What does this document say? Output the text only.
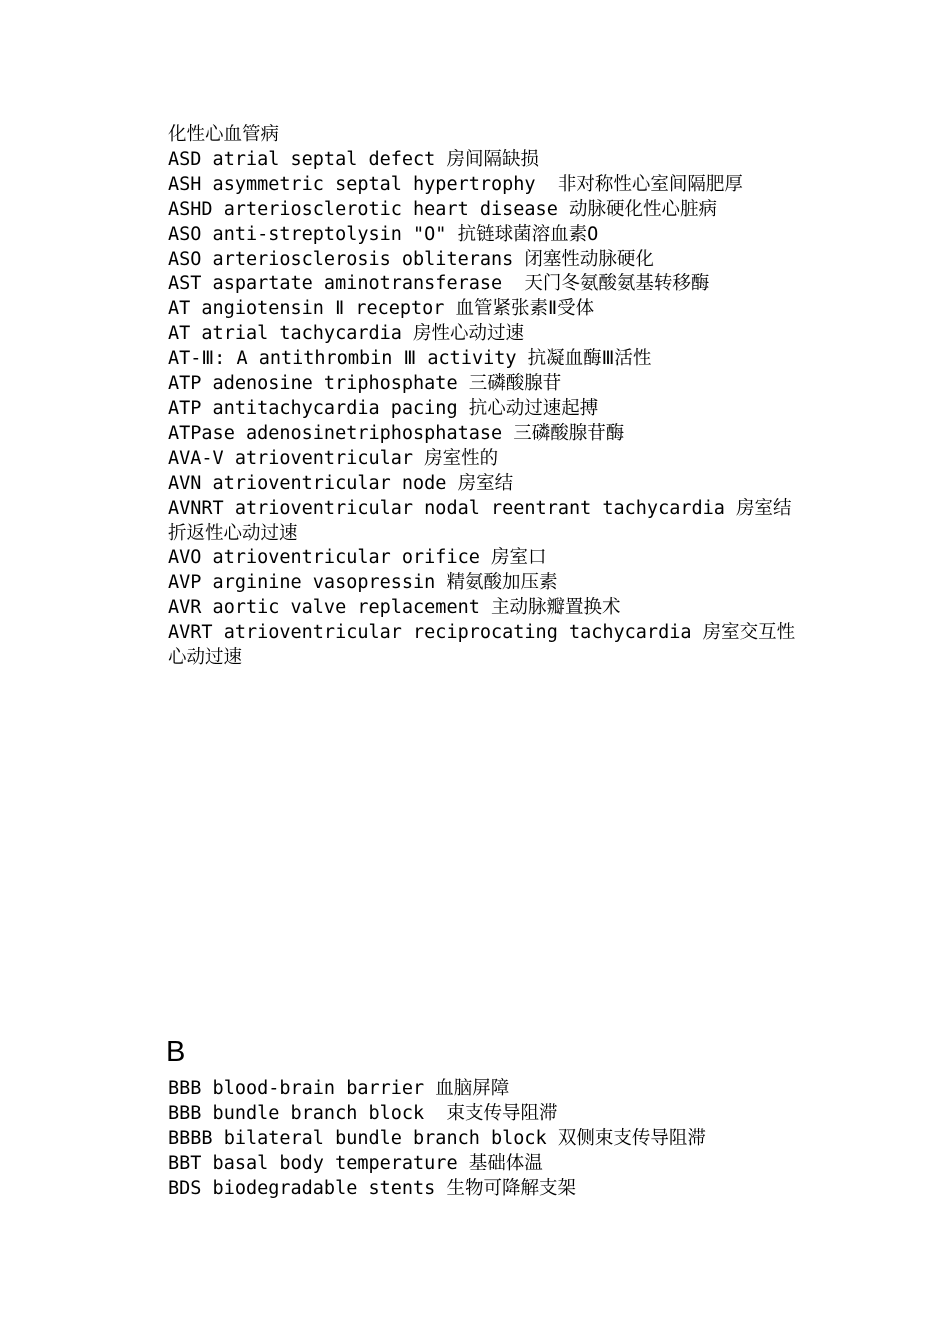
化性心血管病
ASD atrial septal defect 房间隔缺损
ASH asymmetric septal hypertrophy  非对称性心室间隔肥厚
ASHD arteriosclerotic heart disease 动脉硬化性心脏病
ASO anti-streptolysin "O" 抗链球菌溶血素O
ASO arteriosclerosis obliterans 闭塞性动脉硬化
AST aspartate aminotransferase  天门冬氨酸氨基转移酶
AT angiotensin Ⅱ receptor 血管紧张素Ⅱ受体
AT atrial tachycardia 房性心动过速
AT-Ⅲ: A antithrombin Ⅲ activity 抗凝血酶Ⅲ活性
ATP adenosine triphosphate 三磷酸腺苷
ATP antitachycardia pacing 抗心动过速起搏
ATPase adenosinetriphosphatase 三磷酸腺苷酶
AVA-V atrioventricular 房室性的
AVN atrioventricular node 房室结
AVNRT atrioventricular nodal reentrant tachycardia 房室结折返性心动过速
AVO atrioventricular orifice 房室口
AVP arginine vasopressin 精氨酸加压素
AVR aortic valve replacement 主动脉瓣置换术
AVRT atrioventricular reciprocating tachycardia 房室交互性心动过速
B
BBB blood-brain barrier 血脑屏障
BBB bundle branch block  束支传导阻滞
BBBB bilateral bundle branch block 双侧束支传导阻滞
BBT basal body temperature 基础体温
BDS biodegradable stents 生物可降解支架
